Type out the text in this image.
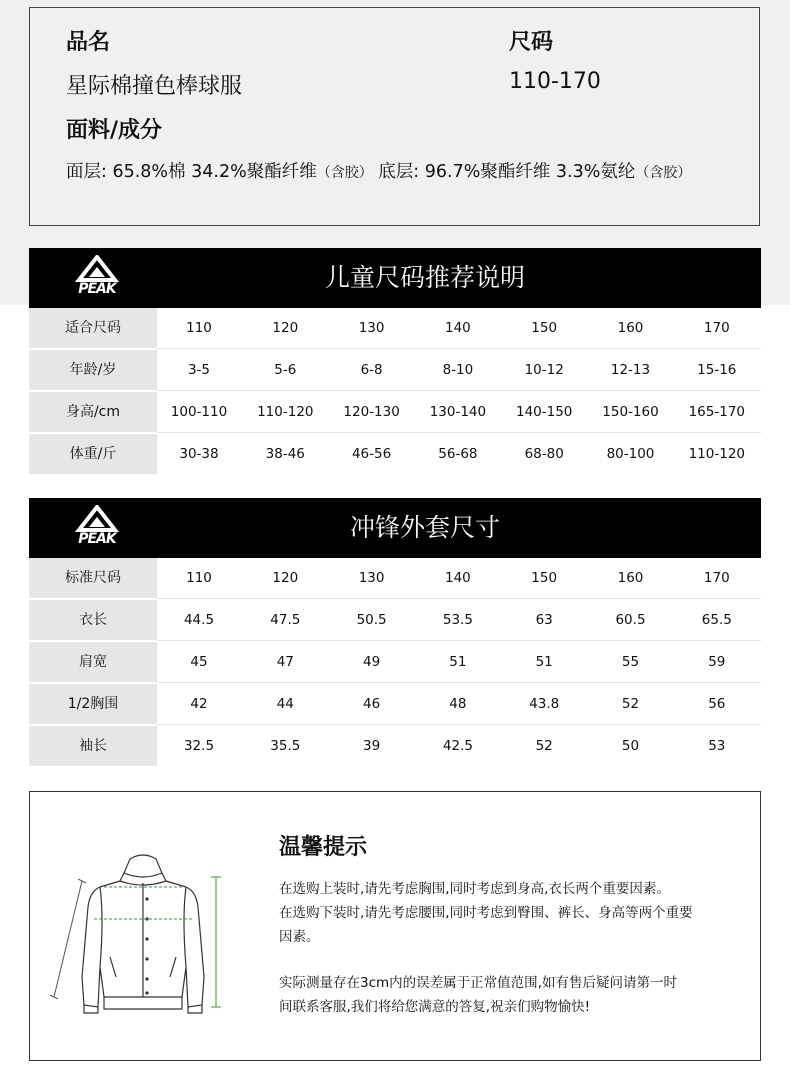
品名	尺码
星际棉撞色棒球服	110-170
面料/成分
面层: 65.8%棉 34.2%聚酯纤维（含胶） 底层: 96.7%聚酯纤维 3.3%氨纶（含胶）
PEAK	儿童尺码推荐说明
适合尺码	110	120	130	140	150	160	170
年龄/岁	3-5	5-6	6-8	8-10	10-12	12-13	15-16
身高/cm	100-110	110-120	120-130	130-140	140-150	150-160	165-170
体重/斤	30-38	38-46	46-56	56-68	68-80	80-100	110-120
PEAK	冲锋外套尺寸
标准尺码	110	120	130	140	150	160	170
衣长	44.5	47.5	50.5	53.5	63	60.5	65.5
肩宽	45	47	49	51	51	55	59
1/2胸围	42	44	46	48	43.8	52	56
袖长	32.5	35.5	39	42.5	52	50	53
温馨提示
在选购上装时,请先考虑胸围,同时考虑到身高,衣长两个重要因素。
在选购下装时,请先考虑腰围,同时考虑到臀围、裤长、身高等两个重要
因素。
实际测量存在3cm内的误差属于正常值范围,如有售后疑问请第一时
间联系客服,我们将给您满意的答复,祝亲们购物愉快!
